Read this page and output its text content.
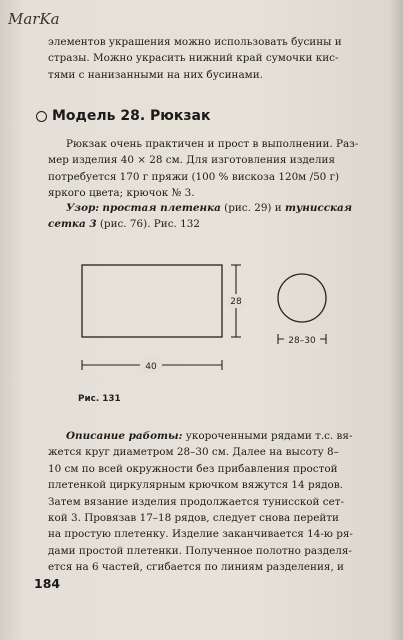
MarKa
элементов украшения можно использовать бусины и
стразы. Можно украсить нижний край сумочки кис-
тями с нанизанными на них бусинами.
Модель 28. Рюкзак
Рюкзак очень практичен и прост в выполнении. Раз-
мер изделия 40 × 28 см. Для изготовления изделия
потребуется 170 г пряжи (100 % вискоза 120м /50 г)
яркого цвета; крючок № 3.
Узор: простая плетенка (рис. 29) и тунисская
сетка 3 (рис. 76). Рис. 132
40
28
28–30
Рис. 131
Описание работы: укороченными рядами т.с. вя-
жется круг диаметром 28–30 см. Далее на высоту 8–
10 см по всей окружности без прибавления простой
плетенкой циркулярным крючком вяжутся 14 рядов.
Затем вязание изделия продолжается тунисской сет-
кой 3. Провязав 17–18 рядов, следует снова перейти
на простую плетенку. Изделие заканчивается 14-ю ря-
дами простой плетенки. Полученное полотно разделя-
ется на 6 частей, сгибается по линиям разделения, и
184
